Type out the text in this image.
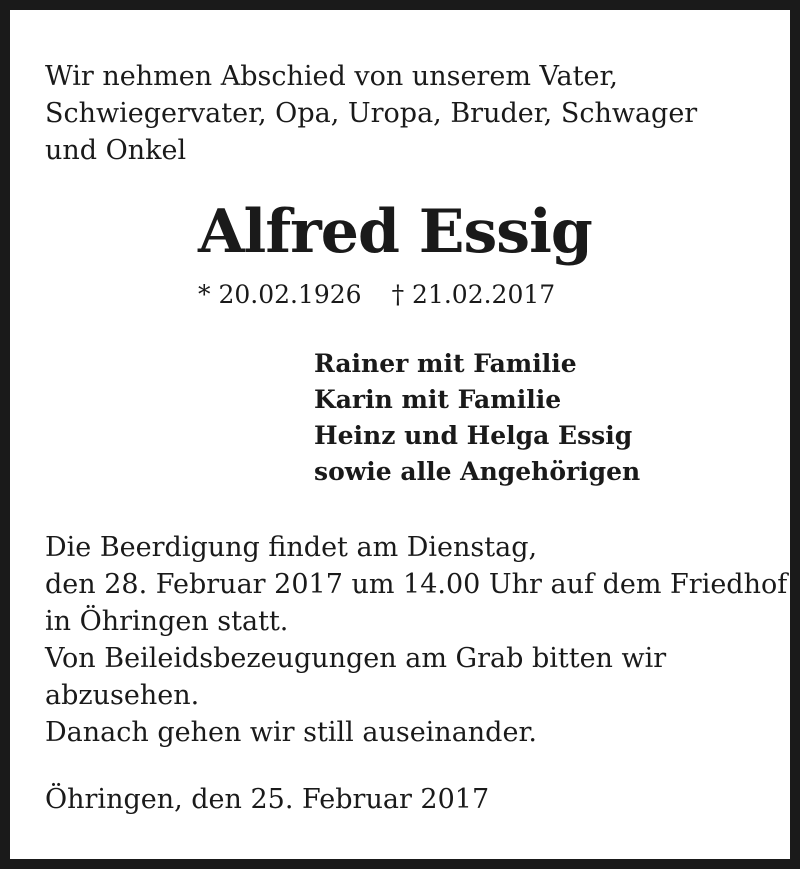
Wir nehmen Abschied von unserem Vater,
Schwiegervater, Opa, Uropa, Bruder, Schwager
und Onkel
Alfred Essig
* 20.02.1926 † 21.02.2017
Rainer mit Familie
Karin mit Familie
Heinz und Helga Essig
sowie alle Angehörigen
Die Beerdigung findet am Dienstag,
den 28. Februar 2017 um 14.00 Uhr auf dem Friedhof
in Öhringen statt.
Von Beileidsbezeugungen am Grab bitten wir
abzusehen.
Danach gehen wir still auseinander.
Öhringen, den 25. Februar 2017
